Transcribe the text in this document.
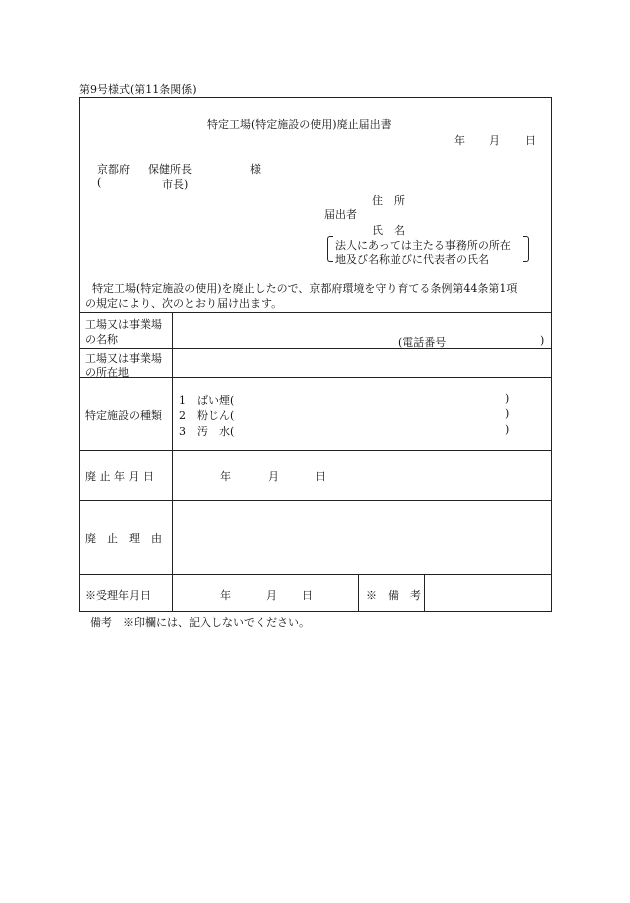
第9号様式(第11条関係)
特定工場(特定施設の使用)廃止届出書
年 月 日
京都府 保健所長	様
(	市長)
住　所
届出者
氏　名
法人にあっては主たる事務所の所在
地及び名称並びに代表者の氏名
特定工場(特定施設の使用)を廃止したので、京都府環境を守り育てる条例第44条第1項
の規定により、次のとおり届け出ます。
工場又は事業場
の名称	(電話番号	)
工場又は事業場
の所在地
特定施設の種類
1　ばい煙(	)
2　粉じん(	)
3　汚　水(	)
廃 止 年 月 日	年	月	日
廃　止　理　由
※受理年月日	年	月 日	※　備　考
備考　※印欄には、記入しないでください。
